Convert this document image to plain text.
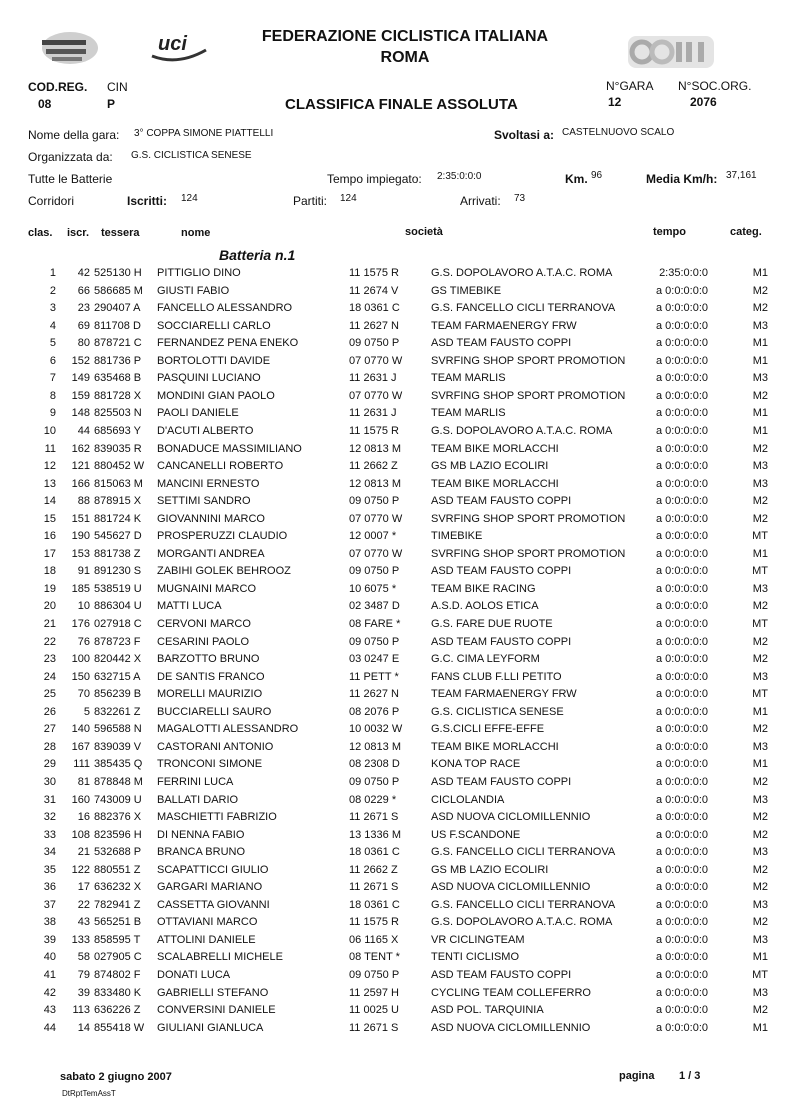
uci	FEDERAZIONE CICLISTICA ITALIANA
ROMA
COD.REG.
08
CIN
P	CLASSIFICA FINALE ASSOLUTA
N°GARA
12
N°SOC.ORG.
2076
Nome della gara: 3° COPPA SIMONE PIATTELLI	Svoltasi a: CASTELNUOVO SCALO
Organizzata da: G.S. CICLISTICA SENESE
Tutte le Batterie	Tempo impiegato: 2:35:0:0:0	Km. 96	Media Km/h: 37,161
Corridori	Iscritti: 124	Partiti: 124	Arrivati: 73
clas. iscr. tessera	nome	società	tempo	categ.
Batteria n.1
1	42 525130 H PITTIGLIO DINO	11 1575 R	G.S. DOPOLAVORO A.T.A.C. ROMA	2:35:0:0:0	M1
2	66 586685 M GIUSTI FABIO	11 2674 V	GS TIMEBIKE	a 0:0:0:0:0	M2
3	23 290407 A FANCELLO ALESSANDRO	18 0361 C	G.S. FANCELLO CICLI TERRANOVA	a 0:0:0:0:0	M2
4	69 811708 D SOCCIARELLI CARLO	11 2627 N	TEAM FARMAENERGY FRW	a 0:0:0:0:0	M3
5	80 878721 C FERNANDEZ PENA ENEKO	09 0750 P	ASD TEAM FAUSTO COPPI	a 0:0:0:0:0	M1
6	152 881736 P BORTOLOTTI DAVIDE	07 0770 W	SVRFING SHOP SPORT PROMOTION	a 0:0:0:0:0	M1
7	149 635468 B PASQUINI LUCIANO	11 2631 J	TEAM MARLIS	a 0:0:0:0:0	M3
8	159 881728 X MONDINI GIAN PAOLO	07 0770 W	SVRFING SHOP SPORT PROMOTION	a 0:0:0:0:0	M2
9	148 825503 N PAOLI DANIELE	11 2631 J	TEAM MARLIS	a 0:0:0:0:0	M1
10	44 685693 Y D'ACUTI ALBERTO	11 1575 R	G.S. DOPOLAVORO A.T.A.C. ROMA	a 0:0:0:0:0	M1
11	162 839035 R BONADUCE MASSIMILIANO	12 0813 M	TEAM BIKE MORLACCHI	a 0:0:0:0:0	M2
12	121 880452 W CANCANELLI ROBERTO	11 2662 Z	GS MB LAZIO ECOLIRI	a 0:0:0:0:0	M3
13	166 815063 M MANCINI ERNESTO	12 0813 M	TEAM BIKE MORLACCHI	a 0:0:0:0:0	M3
14	88 878915 X SETTIMI SANDRO	09 0750 P	ASD TEAM FAUSTO COPPI	a 0:0:0:0:0	M2
15	151 881724 K GIOVANNINI MARCO	07 0770 W	SVRFING SHOP SPORT PROMOTION	a 0:0:0:0:0	M2
16	190 545627 D PROSPERUZZI CLAUDIO	12 0007 *	TIMEBIKE	a 0:0:0:0:0	MT
17	153 881738 Z MORGANTI ANDREA	07 0770 W	SVRFING SHOP SPORT PROMOTION	a 0:0:0:0:0	M1
18	91 891230 S ZABIHI GOLEK BEHROOZ	09 0750 P	ASD TEAM FAUSTO COPPI	a 0:0:0:0:0	MT
19	185 538519 U MUGNAINI MARCO	10 6075 *	TEAM BIKE RACING	a 0:0:0:0:0	M3
20	10 886304 U MATTI LUCA	02 3487 D	A.S.D. AOLOS ETICA	a 0:0:0:0:0	M2
21	176 027918 C CERVONI MARCO	08 FARE *	G.S. FARE DUE RUOTE	a 0:0:0:0:0	MT
22	76 878723 F CESARINI PAOLO	09 0750 P	ASD TEAM FAUSTO COPPI	a 0:0:0:0:0	M2
23	100 820442 X BARZOTTO BRUNO	03 0247 E	G.C. CIMA LEYFORM	a 0:0:0:0:0	M2
24	150 632715 A DE SANTIS FRANCO	11 PETT *	FANS CLUB F.LLI PETITO	a 0:0:0:0:0	M3
25	70 856239 B MORELLI MAURIZIO	11 2627 N	TEAM FARMAENERGY FRW	a 0:0:0:0:0	MT
26	5 832261 Z BUCCIARELLI SAURO	08 2076 P	G.S. CICLISTICA SENESE	a 0:0:0:0:0	M1
27	140 596588 N MAGALOTTI ALESSANDRO	10 0032 W	G.S.CICLI EFFE-EFFE	a 0:0:0:0:0	M2
28	167 839039 V CASTORANI ANTONIO	12 0813 M	TEAM BIKE MORLACCHI	a 0:0:0:0:0	M3
29	111 385435 Q TRONCONI SIMONE	08 2308 D	KONA TOP RACE	a 0:0:0:0:0	M1
30	81 878848 M FERRINI LUCA	09 0750 P	ASD TEAM FAUSTO COPPI	a 0:0:0:0:0	M2
31	160 743009 U BALLATI DARIO	08 0229 *	CICLOLANDIA	a 0:0:0:0:0	M3
32	16 882376 X MASCHIETTI FABRIZIO	11 2671 S	ASD NUOVA CICLOMILLENNIO	a 0:0:0:0:0	M2
33	108 823596 H DI NENNA FABIO	13 1336 M	US F.SCANDONE	a 0:0:0:0:0	M2
34	21 532688 P BRANCA BRUNO	18 0361 C	G.S. FANCELLO CICLI TERRANOVA	a 0:0:0:0:0	M3
35	122 880551 Z SCAPATTICCI GIULIO	11 2662 Z	GS MB LAZIO ECOLIRI	a 0:0:0:0:0	M2
36	17 636232 X GARGARI MARIANO	11 2671 S	ASD NUOVA CICLOMILLENNIO	a 0:0:0:0:0	M2
37	22 782941 Z CASSETTA GIOVANNI	18 0361 C	G.S. FANCELLO CICLI TERRANOVA	a 0:0:0:0:0	M3
38	43 565251 B OTTAVIANI MARCO	11 1575 R	G.S. DOPOLAVORO A.T.A.C. ROMA	a 0:0:0:0:0	M2
39	133 858595 T ATTOLINI DANIELE	06 1165 X	VR CICLINGTEAM	a 0:0:0:0:0	M3
40	58 027905 C SCALABRELLI MICHELE	08 TENT *	TENTI CICLISMO	a 0:0:0:0:0	M1
41	79 874802 F DONATI LUCA	09 0750 P	ASD TEAM FAUSTO COPPI	a 0:0:0:0:0	MT
42	39 833480 K GABRIELLI STEFANO	11 2597 H	CYCLING TEAM COLLEFERRO	a 0:0:0:0:0	M3
43	113 636226 Z CONVERSINI DANIELE	11 0025 U	ASD POL. TARQUINIA	a 0:0:0:0:0	M2
44	14 855418 W GIULIANI GIANLUCA	11 2671 S	ASD NUOVA CICLOMILLENNIO	a 0:0:0:0:0	M1
sabato 2 giugno 2007
DtRptTemAssT
pagina 1 / 3
